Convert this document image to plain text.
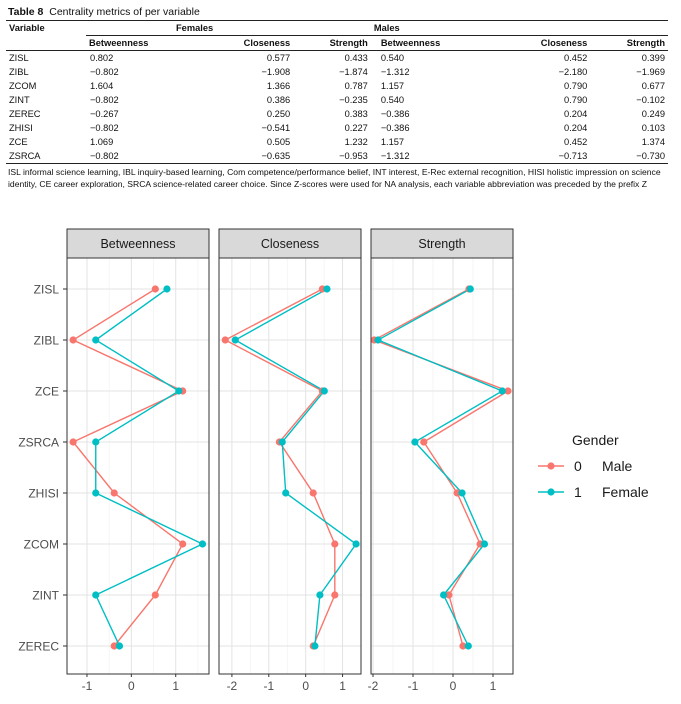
Table 8 Centrality metrics of per variable
Variable	Females			Males		
	Betweenness	Closeness	Strength	Betweenness	Closeness	Strength
ZISL	0.802	0.577	0.433	0.540	0.452	0.399
ZIBL	−0.802	−1.908	−1.874	−1.312	−2.180	−1.969
ZCOM	1.604	1.366	0.787	1.157	0.790	0.677
ZINT	−0.802	0.386	−0.235	0.540	0.790	−0.102
ZEREC	−0.267	0.250	0.383	−0.386	0.204	0.249
ZHISI	−0.802	−0.541	0.227	−0.386	0.204	0.103
ZCE	1.069	0.505	1.232	1.157	0.452	1.374
ZSRCA	−0.802	−0.635	−0.953	−1.312	−0.713	−0.730
ISL informal science learning, IBL inquiry-based learning, Com competence/performance belief, INT interest, E-Rec external recognition, HISI holistic impression on science identity, CE career exploration, SRCA science-related career choice. Since Z-scores were used for NA analysis, each variable abbreviation was preceded by the prefix Z
Betweenness
-1	0	1
Closeness
-2 -1 0	1
Strength
-2 -1	0	1
ZISL
ZIBL
ZCE
ZSRCA
ZHISI
ZCOM
ZINT
ZEREC
Gender
0 Male
1 Female
